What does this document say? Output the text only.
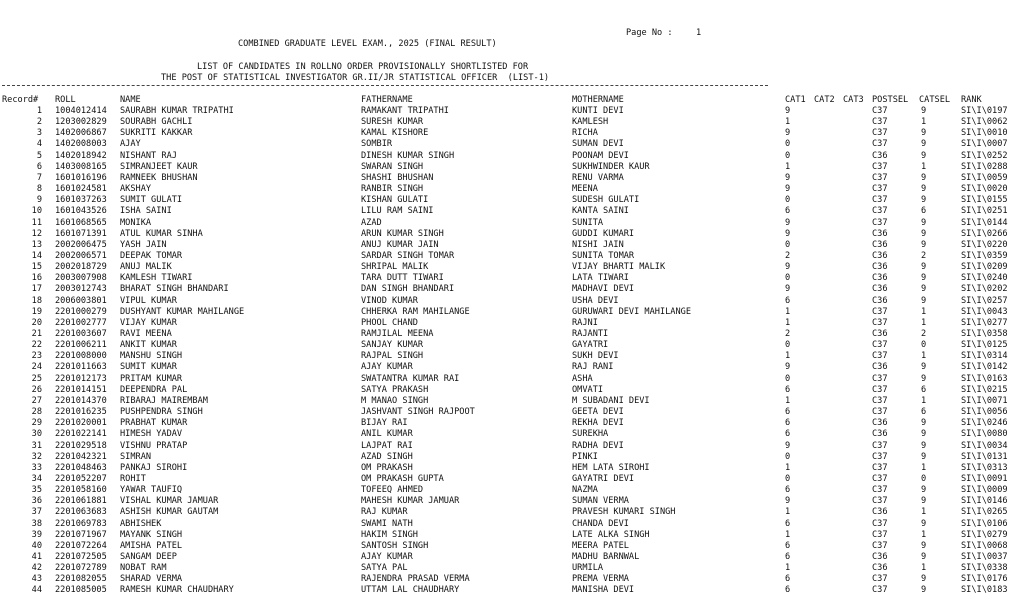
Page No :	1
COMBINED GRADUATE LEVEL EXAM., 2025 (FINAL RESULT)
LIST OF CANDIDATES IN ROLLNO ORDER PROVISIONALLY SHORTLISTED FOR
THE POST OF STATISTICAL INVESTIGATOR GR.II/JR STATISTICAL OFFICER  (LIST-1)
Record# ROLL	NAME	FATHERNAME	MOTHERNAME	CAT1 CAT2 CAT3 POSTSEL CATSEL RANK
1 1004012414 SAURABH KUMAR TRIPATHI	RAMAKANT TRIPATHI	KUNTI DEVI	9	C37	9	SI\I\0197
2 1203002829 SOURABH GACHLI	SURESH KUMAR	KAMLESH	1	C37	1	SI\I\0062
3 1402006867 SUKRITI KAKKAR	KAMAL KISHORE	RICHA	9	C37	9	SI\I\0010
4 1402008003 AJAY	SOMBIR	SUMAN DEVI	0	C37	9	SI\I\0007
5 1402018942 NISHANT RAJ	DINESH KUMAR SINGH	POONAM DEVI	0	C36	9	SI\I\0252
6 1403008165 SIMRANJEET KAUR	SWARAN SINGH	SUKHWINDER KAUR	1	C37	1	SI\I\0288
7 1601016196 RAMNEEK BHUSHAN	SHASHI BHUSHAN	RENU VARMA	9	C37	9	SI\I\0059
8 1601024581 AKSHAY	RANBIR SINGH	MEENA	9	C37	9	SI\I\0020
9 1601037263 SUMIT GULATI	KISHAN GULATI	SUDESH GULATI	0	C37	9	SI\I\0155
10 1601043526 ISHA SAINI	LILU RAM SAINI	KANTA SAINI	6	C37	6	SI\I\0251
11 1601068565 MONIKA	AZAD	SUNITA	9	C37	9	SI\I\0144
12 1601071391 ATUL KUMAR SINHA	ARUN KUMAR SINGH	GUDDI KUMARI	9	C36	9	SI\I\0266
13 2002006475 YASH JAIN	ANUJ KUMAR JAIN	NISHI JAIN	0	C36	9	SI\I\0220
14 2002006571 DEEPAK TOMAR	SARDAR SINGH TOMAR	SUNITA TOMAR	2	C36	2	SI\I\0359
15 2002018729 ANUJ MALIK	SHRIPAL MALIK	VIJAY BHARTI MALIK	9	C36	9	SI\I\0209
16 2003007908 KAMLESH TIWARI	TARA DUTT TIWARI	LATA TIWARI	0	C36	9	SI\I\0240
17 2003012743 BHARAT SINGH BHANDARI	DAN SINGH BHANDARI	MADHAVI DEVI	9	C36	9	SI\I\0202
18 2006003801 VIPUL KUMAR	VINOD KUMAR	USHA DEVI	6	C36	9	SI\I\0257
19 2201000279 DUSHYANT KUMAR MAHILANGE	CHHERKA RAM MAHILANGE	GURUWARI DEVI MAHILANGE	1	C37	1	SI\I\0043
20 2201002777 VIJAY KUMAR	PHOOL CHAND	RAJNI	1	C37	1	SI\I\0277
21 2201003607 RAVI MEENA	RAMJILAL MEENA	RAJANTI	2	C36	2	SI\I\0358
22 2201006211 ANKIT KUMAR	SANJAY KUMAR	GAYATRI	0	C37	0	SI\I\0125
23 2201008000 MANSHU SINGH	RAJPAL SINGH	SUKH DEVI	1	C37	1	SI\I\0314
24 2201011663 SUMIT KUMAR	AJAY KUMAR	RAJ RANI	9	C36	9	SI\I\0142
25 2201012173 PRITAM KUMAR	SWATANTRA KUMAR RAI	ASHA	0	C37	9	SI\I\0163
26 2201014151 DEEPENDRA PAL	SATYA PRAKASH	OMVATI	6	C37	6	SI\I\0215
27 2201014370 RIBARAJ MAIREMBAM	M MANAO SINGH	M SUBADANI DEVI	1	C37	1	SI\I\0071
28 2201016235 PUSHPENDRA SINGH	JASHVANT SINGH RAJPOOT	GEETA DEVI	6	C37	6	SI\I\0056
29 2201020001 PRABHAT KUMAR	BIJAY RAI	REKHA DEVI	6	C36	9	SI\I\0246
30 2201022141 HIMESH YADAV	ANIL KUMAR	SUREKHA	6	C36	9	SI\I\0080
31 2201029518 VISHNU PRATAP	LAJPAT RAI	RADHA DEVI	9	C37	9	SI\I\0034
32 2201042321 SIMRAN	AZAD SINGH	PINKI	0	C37	9	SI\I\0131
33 2201048463 PANKAJ SIROHI	OM PRAKASH	HEM LATA SIROHI	1	C37	1	SI\I\0313
34 2201052207 ROHIT	OM PRAKASH GUPTA	GAYATRI DEVI	0	C37	0	SI\I\0091
35 2201058160 YAWAR TAUFIQ	TOFEEQ AHMED	NAZMA	6	C37	9	SI\I\0009
36 2201061881 VISHAL KUMAR JAMUAR	MAHESH KUMAR JAMUAR	SUMAN VERMA	9	C37	9	SI\I\0146
37 2201063683 ASHISH KUMAR GAUTAM	RAJ KUMAR	PRAVESH KUMARI SINGH	1	C36	1	SI\I\0265
38 2201069783 ABHISHEK	SWAMI NATH	CHANDA DEVI	6	C37	9	SI\I\0106
39 2201071967 MAYANK SINGH	HAKIM SINGH	LATE ALKA SINGH	1	C37	1	SI\I\0279
40 2201072264 AMISHA PATEL	SANTOSH SINGH	MEERA PATEL	6	C37	9	SI\I\0068
41 2201072505 SANGAM DEEP	AJAY KUMAR	MADHU BARNWAL	6	C36	9	SI\I\0037
42 2201072789 NOBAT RAM	SATYA PAL	URMILA	1	C36	1	SI\I\0338
43 2201082055 SHARAD VERMA	RAJENDRA PRASAD VERMA	PREMA VERMA	6	C37	9	SI\I\0176
44 2201085005 RAMESH KUMAR CHAUDHARY	UTTAM LAL CHAUDHARY	MANISHA DEVI	6	C37	9	SI\I\0183
